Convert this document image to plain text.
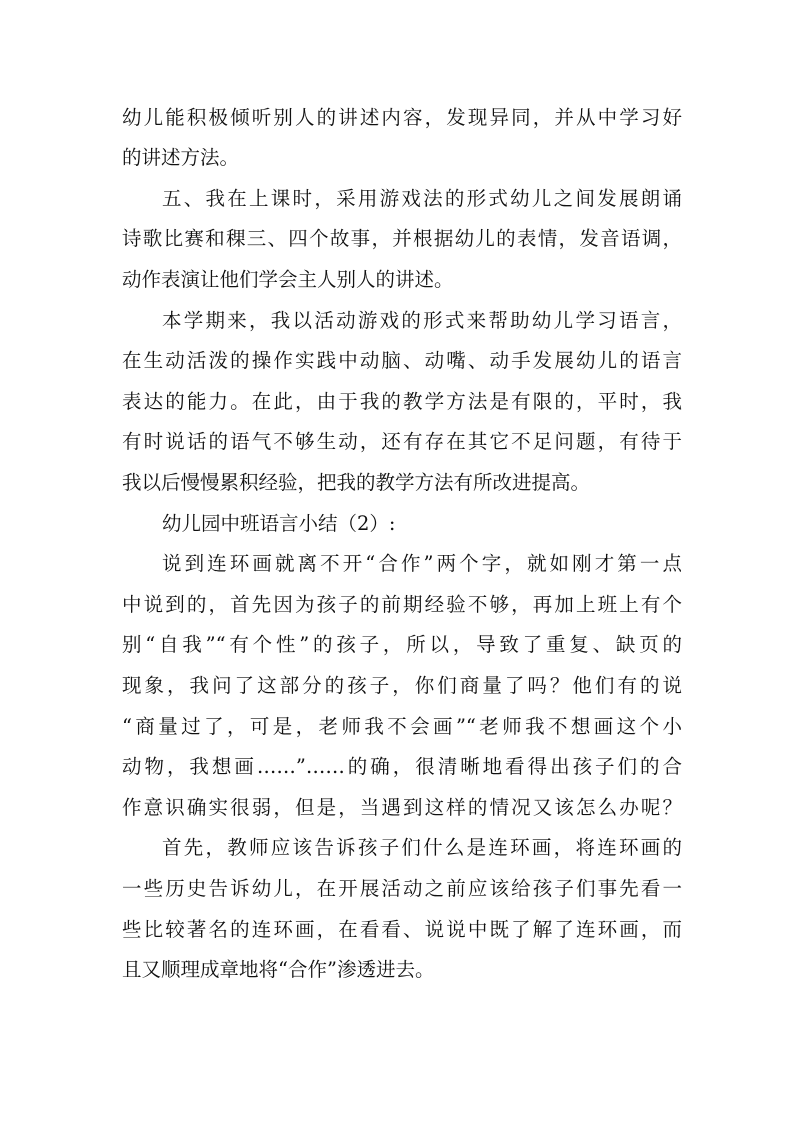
幼儿能积极倾听别人的讲述内容，发现异同，并从中学习好
的讲述方法。
五、我在上课时，采用游戏法的形式幼儿之间发展朗诵
诗歌比赛和稞三、四个故事，并根据幼儿的表情，发音语调，
动作表演让他们学会主人别人的讲述。
本学期来，我以活动游戏的形式来帮助幼儿学习语言，
在生动活泼的操作实践中动脑、动嘴、动手发展幼儿的语言
表达的能力。在此，由于我的教学方法是有限的，平时，我
有时说话的语气不够生动，还有存在其它不足问题，有待于
我以后慢慢累积经验，把我的教学方法有所改进提高。
幼儿园中班语言小结（2）:
说到连环画就离不开“合作”两个字，就如刚才第一点
中说到的，首先因为孩子的前期经验不够，再加上班上有个
别“自我”“有个性”的孩子，所以，导致了重复、缺页的
现象，我问了这部分的孩子，你们商量了吗？他们有的说
“商量过了，可是，老师我不会画”“老师我不想画这个小
动物，我想画……”……的确，很清晰地看得出孩子们的合
作意识确实很弱，但是，当遇到这样的情况又该怎么办呢？
首先，教师应该告诉孩子们什么是连环画，将连环画的
一些历史告诉幼儿，在开展活动之前应该给孩子们事先看一
些比较著名的连环画，在看看、说说中既了解了连环画，而
且又顺理成章地将“合作”渗透进去。
